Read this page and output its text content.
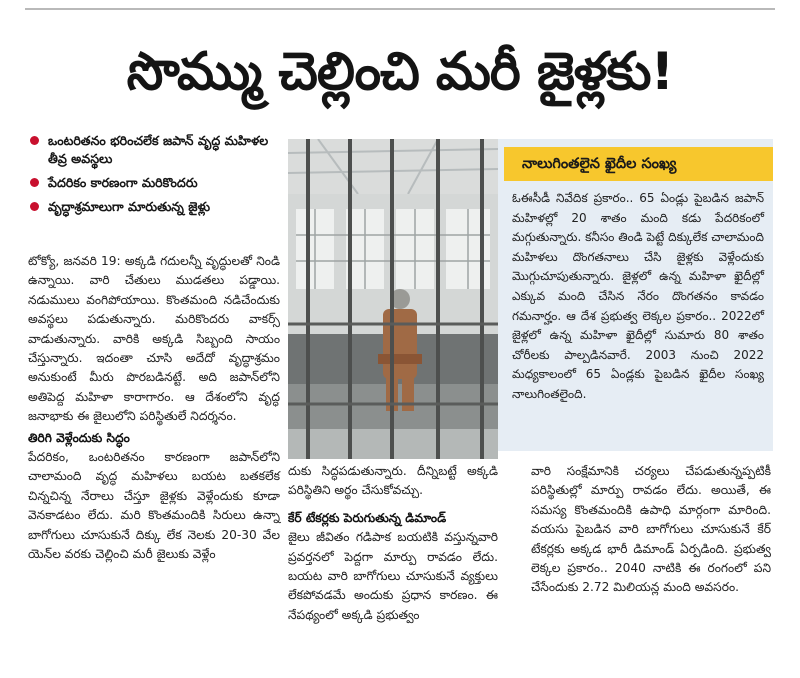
సొమ్ము చెల్లించి మరీ జైళ్లకు!
ఒంటరితనం భరించలేక జపాన్ వృద్ధ మహిళల తీవ్ర అవస్థలు
పేదరికం కారణంగా మరికొందరు
వృద్ధాశ్రమాలుగా మారుతున్న జైళ్లు

టోక్యో, జనవరి 19: అక్కడి గదులన్నీ వృద్ధులతో నిండి ఉన్నాయి. వారి చేతులు ముడతలు పడ్డాయి. నడుములు వంగిపోయాయి. కొంతమంది నడిచేందుకు అవస్థలు పడుతున్నారు. మరికొందరు వాకర్స్ వాడుతున్నారు. వారికి అక్కడి సిబ్బంది సాయం చేస్తున్నారు. ఇదంతా చూసి అదేదో వృద్ధాశ్రమం అనుకుంటే మీరు పొరబడినట్టే. అది జపాన్‌లోని అతిపెద్ద మహిళా కారాగారం. ఆ దేశంలోని వృద్ధ జనాభాకు ఈ జైలులోని పరిస్థితులే నిదర్శనం.

తిరిగి వెళ్లేందుకు సిద్ధం

పేదరికం, ఒంటరితనం కారణంగా జపాన్‌లోని చాలామంది వృద్ధ మహిళలు బయట బతకలేక చిన్నచిన్న నేరాలు చేస్తూ జైళ్లకు వెళ్లేందుకు కూడా వెనకాడటం లేదు. మరి కొంతమందికి సిరులు ఉన్నా బాగోగులు చూసుకునే దిక్కు లేక నెలకు 20-30 వేల యెన్‌ల వరకు చెల్లించి మరీ జైలుకు వెళ్లేం

నాలుగింతలైన ఖైదీల సంఖ్య

ఓఈసీడీ నివేదిక ప్రకారం.. 65 ఏండ్లు పైబడిన జపాన్ మహిళల్లో 20 శాతం మంది కడు పేదరికంలో మగ్గుతున్నారు. కనీసం తిండి పెట్టే దిక్కులేక చాలామంది మహిళలు దొంగతనాలు చేసి జైళ్లకు వెళ్లేందుకు మొగ్గుచూపుతున్నారు. జైళ్లలో ఉన్న మహిళా ఖైదీల్లో ఎక్కువ మంది చేసిన నేరం దొంగతనం కావడం గమనార్హం. ఆ దేశ ప్రభుత్వ లెక్కల ప్రకారం.. 2022లో జైళ్లలో ఉన్న మహిళా ఖైదీల్లో సుమారు 80 శాతం చోరీలకు పాల్పడినవారే. 2003 నుంచి 2022 మధ్యకాలంలో 65 ఏండ్లకు పైబడిన ఖైదీల సంఖ్య నాలుగింతలైంది.

దుకు సిద్ధపడుతున్నారు. దీన్నిబట్టే అక్కడి పరిస్థితిని అర్థం చేసుకోవచ్చు.

కేర్ టేకర్లకు పెరుగుతున్న డిమాండ్

జైలు జీవితం గడిపాక బయటికి వస్తున్నవారి ప్రవర్తనలో పెద్దగా మార్పు రావడం లేదు. బయట వారి బాగోగులు చూసుకునే వ్యక్తులు లేకపోవడమే అందుకు ప్రధాన కారణం. ఈ నేపథ్యంలో అక్కడి ప్రభుత్వం

వారి సంక్షేమానికి చర్యలు చేపడుతున్నప్పటికీ పరిస్థితుల్లో మార్పు రావడం లేదు. అయితే, ఈ సమస్య కొంతమందికి ఉపాధి మార్గంగా మారింది. వయసు పైబడిన వారి బాగోగులు చూసుకునే కేర్ టేకర్లకు అక్కడ భారీ డిమాండ్ ఏర్పడింది. ప్రభుత్వ లెక్కల ప్రకారం.. 2040 నాటికి ఈ రంగంలో పని చేసేందుకు 2.72 మిలియన్ల మంది అవసరం.
